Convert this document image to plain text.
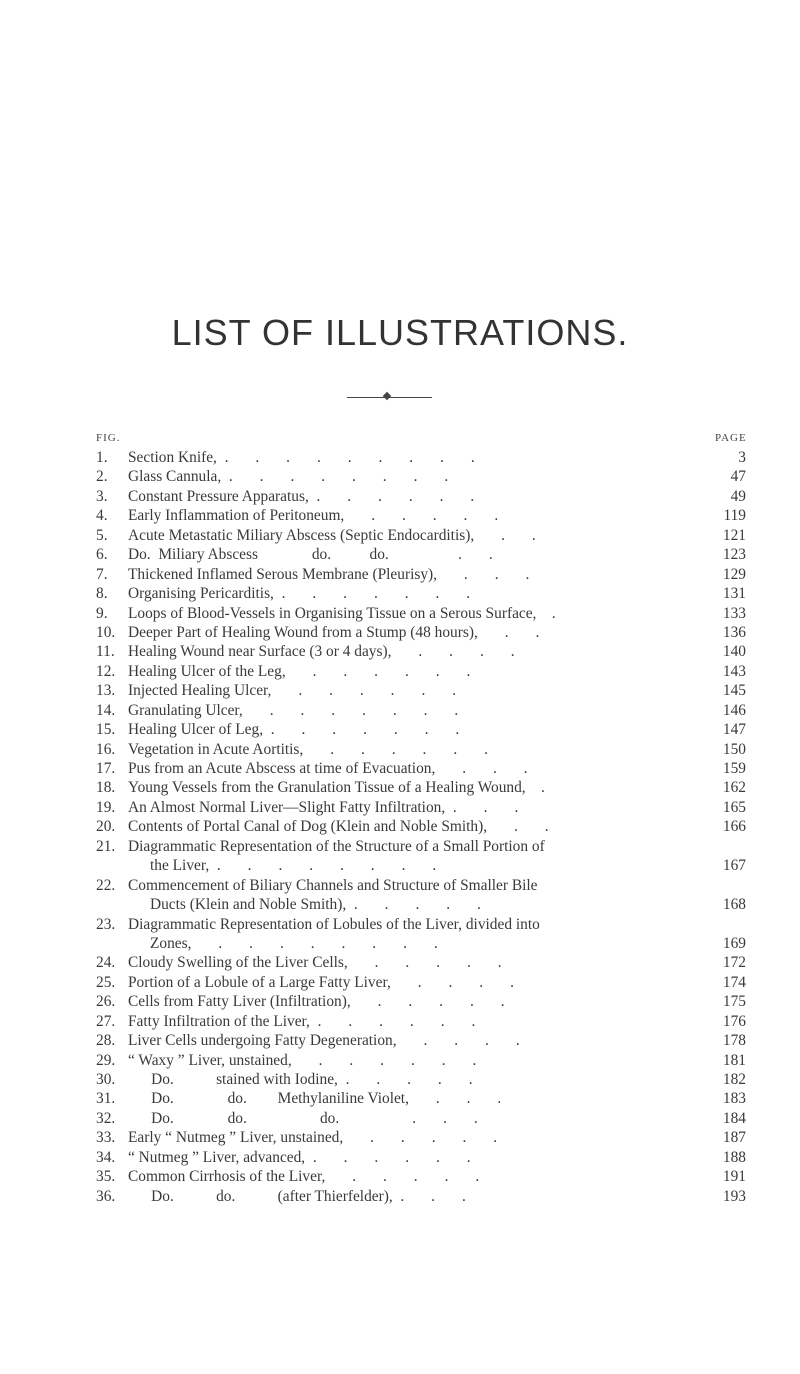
LIST OF ILLUSTRATIONS.
FIG.	PAGE
1.	Section Knife,  .       .       .       .       .       .       .       .       .	3
2.	Glass Cannula,  .       .       .       .       .       .       .       .	47
3.	Constant Pressure Apparatus,  .       .       .       .       .       .	49
4.	Early Inflammation of Peritoneum,       .       .       .       .       .	119
5.	Acute Metastatic Miliary Abscess (Septic Endocarditis),       .       .	121
6.	Do.  Miliary Abscess              do.          do.                  .       .	123
7.	Thickened Inflamed Serous Membrane (Pleurisy),       .       .       .	129
8.	Organising Pericarditis,  .       .       .       .       .       .       .	131
9.	Loops of Blood-Vessels in Organising Tissue on a Serous Surface,    .	133
10. Deeper Part of Healing Wound from a Stump (48 hours),       .       .	136
11. Healing Wound near Surface (3 or 4 days),       .       .       .       .	140
12. Healing Ulcer of the Leg,       .       .       .       .       .       .	143
13. Injected Healing Ulcer,       .       .       .       .       .       .	145
14. Granulating Ulcer,       .       .       .       .       .       .       .	146
15. Healing Ulcer of Leg,  .       .       .       .       .       .       .	147
16. Vegetation in Acute Aortitis,       .       .       .       .       .       .	150
17. Pus from an Acute Abscess at time of Evacuation,       .       .       .	159
18. Young Vessels from the Granulation Tissue of a Healing Wound,    .	162
19. An Almost Normal Liver—Slight Fatty Infiltration,  .       .       .	165
20. Contents of Portal Canal of Dog (Klein and Noble Smith),       .       .	166
21. Diagrammatic Representation of the Structure of a Small Portion of
the Liver,  .       .       .       .       .       .       .       .	167
22. Commencement of Biliary Channels and Structure of Smaller Bile
Ducts (Klein and Noble Smith),  .       .       .       .       .	168
23. Diagrammatic Representation of Lobules of the Liver, divided into
Zones,       .       .       .       .       .       .       .       .	169
24. Cloudy Swelling of the Liver Cells,       .       .       .       .       .	172
25. Portion of a Lobule of a Large Fatty Liver,       .       .       .       .	174
26. Cells from Fatty Liver (Infiltration),       .       .       .       .       .	175
27. Fatty Infiltration of the Liver,  .       .       .       .       .       .	176
28. Liver Cells undergoing Fatty Degeneration,       .       .       .       .	178
29. “ Waxy ” Liver, unstained,       .       .       .       .       .       .	181
30. Do.           stained with Iodine,  .       .       .       .       .	182
31. Do.              do.        Methylaniline Violet,       .       .       .	183
32. Do.              do.                   do.                   .       .       .	184
33. Early “ Nutmeg ” Liver, unstained,       .       .       .       .       .	187
34. “ Nutmeg ” Liver, advanced,  .       .       .       .       .       .	188
35. Common Cirrhosis of the Liver,       .       .       .       .       .	191
36. Do.           do.           (after Thierfelder),  .       .       .	193
